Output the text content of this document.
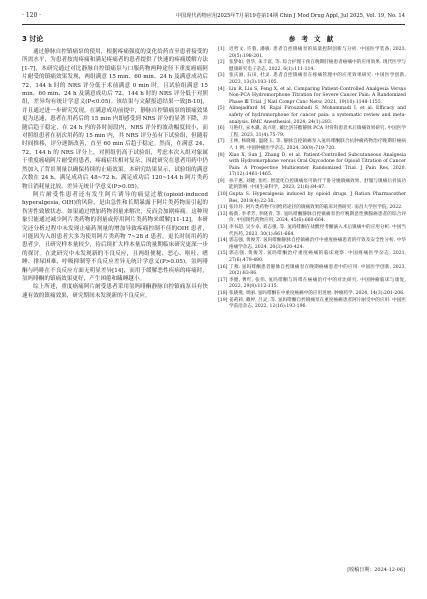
· 120 ·	中国现代药物应用2025年7月第19卷第14期 Chin J Mod Drug Appl, Jul 2025, Vol. 19, No. 14
3 讨论

通过静脉自控镇痛泵的使用，根据疼痛强度的变化给药直至患者接受的所需水平，为患者按需疼痛和满足疼痛者的患者提供了快速的疼痛缓解方法[1-7]，本研究通过对比静脉自控镇痛泵与口服药物两种途径下重度癌痛阿片耐受的镇痛效果发现，两组满意 15 min、60 min、24 h 及满意成功后 72、144 h 时的 NRS 评分低于术前满意 0 min 时，且试验组满意 15 min、60 min、24 h 及满意成功后 72、144 h 时的 NRS 评分低于对照组，差异均有统计学意义(P<0.05)。该结果与文献报道结果一致[8-10]，并且通过进一步研究发现，在满意成功前提中，静脉自控镇痛泵的镇痛效果更为迅速，患者在用药后的 15 min 内即感受到 NRS 评分的显著下降，并随后趋于稳定，在 24 h 内的各时间段内，NRS 评分的波动幅度较小，而对照组患者在初次用药的 15 min 内，其 NRS 评分虽有下试验组，但随着时间推移，评分逐渐改善，直至 60 min 后趋于稳定。然而，在满意 24、72、144 h 的 NRS 评分上，对照组仍高于试验组，考虑本次入组对象属于重度癌痛阿片耐受的患者，疼痛症状相对复杂，因此研究在患者用药中仍然加入了背景剂量以确保持续的止痛效果。本研究结果显示，试验组的满意次数在 24 h、满足成功后 48~72 h、满足成功后 120~144 h 阿片类药物日消耗量比较，差异无统计学意义(P>0.05)。

阿片耐受性患者还有发生阿片诱导的痛觉过敏(opioid-induced hyperalgesia, OIH)的风险，是由急性和长期暴露于阿片类药物而引起的伤害性致敏状态。如果通过增加药物剂量来解决，反而会加剧疼痛。这种现象只能通过减少阿片类药物的剂量或停用阿片类药物来缓解[11-12]。本研究还分析过程中未发现止痛药剂量的增加导致疼痛控制不佳的OIH 患者，可能因为入组患者大多为使用阿片类药物 7~28 d 患者，更长时间用药的患者少，且研究样本量较少，待后续扩大样本量后的量期临床研究更深一步的探讨。在此研究中未发现新的不良反应，且两组便秘、恶心、呕吐、嗜睡、排尿困难、呼吸抑制等不良反应差异无统计学意义(P>0.05)。氢吗啡酮与吗啡在不良反应方面无明显差异[14]，而用于缓解恶性疾病的疼痛时，氢吗啡酮的镇痛效果更好，产生困倦和瞌睡越小。

综上所述，重度癌痛阿片耐受患者采用氢吗啡酮静脉自控镇痛泵具有快速有效的镇痛效果，研究期间未发现新的不良反应。

参 考 文 献
[1] 迟哲文, 许蓉, 潘敏. 患者自控镇痛泵的质量控制创新与分析. 中国医学装备, 2023, 20(5):198-201.
[2] 张梦如, 曾华, 朱丰富, 等. 综合护理干预在晚期肝癌患者癌痛中的应用效果. 现代医学与健康研究电子杂志, 2022, 6(1):111-114.
[3] 张庆丽, 石田, 杜灵. 患者自控镇痛泵在疼痛管理中的应用效果研究. 中国医学创新, 2023, 13(3):103-105.
[4] Lin R, Liu S, Feng X, et al. Comparing Patient-Controlled Analgesia Versus Non-PCA Hydromorphone Titration for Severe Cancer Pain: A Randomized Phase Ⅲ Trial. J Natl Compr Canc Netw, 2021, 19(10):1148-1155.
[5] Alinejadfard M, Rajai Firouzabadi S, Mohammadi I, et al. Efficacy and safety of hydromorphone for cancer pain: a systematic review and meta-analysis. BMC Anesthesiol, 2024, 24(1):283.
[6] 马艳红, 宋木骥, 高兴旺, 戴比洛芬酯静脉 PCA 对骨科患者术后镇痛效果研究. 中国医学工程, 2023, 31(4):75-79.
[7] 王林, 杨晓晴, 温晓玉, 等. 静脉自控镇痛泵入氢吗啡酮联合抗肿瘤药物治疗晚期肝癌病人 1 例. 中国肿瘤医学杂志, 2024, 30(9):719-720.
[8] Xiao X, Sun J, Zhang D, et al. Patient-Controlled Subcutaneous Analgesia with Hydromorphone versus Oral Oxycodone for Opioid Titration of Cancer Pain: A Prospective Multicenter Randomized Trial. J Pain Res, 2020, 17(12):1461-1465.
[9] 孙千惠, 刘婕, 张红. 智能化自控镇痛泵可助疗于卧分娩镇痛效果、舒服与镇痛后骨质功能的影响. 中国生命科学，2023, 21(6):84-87.
[10] Gupta S. Hyperalgesia induced by opioid drugs. J Ration Pharmacother Res, 2018(4):22-30.
[11] 张玲玲. 阿片类药物不同给药途径的镇痛效果的临床对照研究. 南昌大学医学院, 2022.
[12] 杨新, 李孝芳, 李晓青, 等. 氢吗啡酮静脉自控镇痛泵治疗晚期恶性胰腺癌患者的综合评价. 中国现代药物应用, 2024, 45(6):660-664.
[13] 李书超, 吴少卓, 刘志强, 等. 氢吗啡酮在盐酸羟考酮滴入术后镇痛中的应用分析. 中国当代医药, 2023, 30(1):661-664.
[14] 郭志强, 黄俊芳. 氢吗啡酮静脉自控镇痛治疗中重度癌痛患者的疗效及安全性分析. 中华疼痛学杂志, 2024, 20(3):420-424.
[15] 郭志强, 黄俊芳. 氢吗啡酮治疗重度癌痛的临床观察. 中国疼痛医学杂志, 2021, 27(6):479-480.
[16] 丁燕. 氢吗啡酮患者静脉自控镇痛泵在晚期癌痛患者中的应用. 中国医学创新, 2023, 20(2):83-86.
[17] 李健, 曹红, 张伟. 氢吗啡酮与吗啡在癌痛治疗中的对比研究. 中国肿瘤临床与康复, 2022, 29(8):112-115.
[18] 张晓燕, 周丽. 氢吗啡酮在中重度癌痛中的应用进展. 肿瘤药学, 2024, 14(3):201-206.
[19] 姜莉莉, 戴婷, 吕灵, 等. 氢吗啡酮自控镇痛泵在重度癌痛患者阿片耐受中的应用. 中国医学前沿杂志, 2022, 12(16):193-196.
[收稿日期：2024-12-06]
